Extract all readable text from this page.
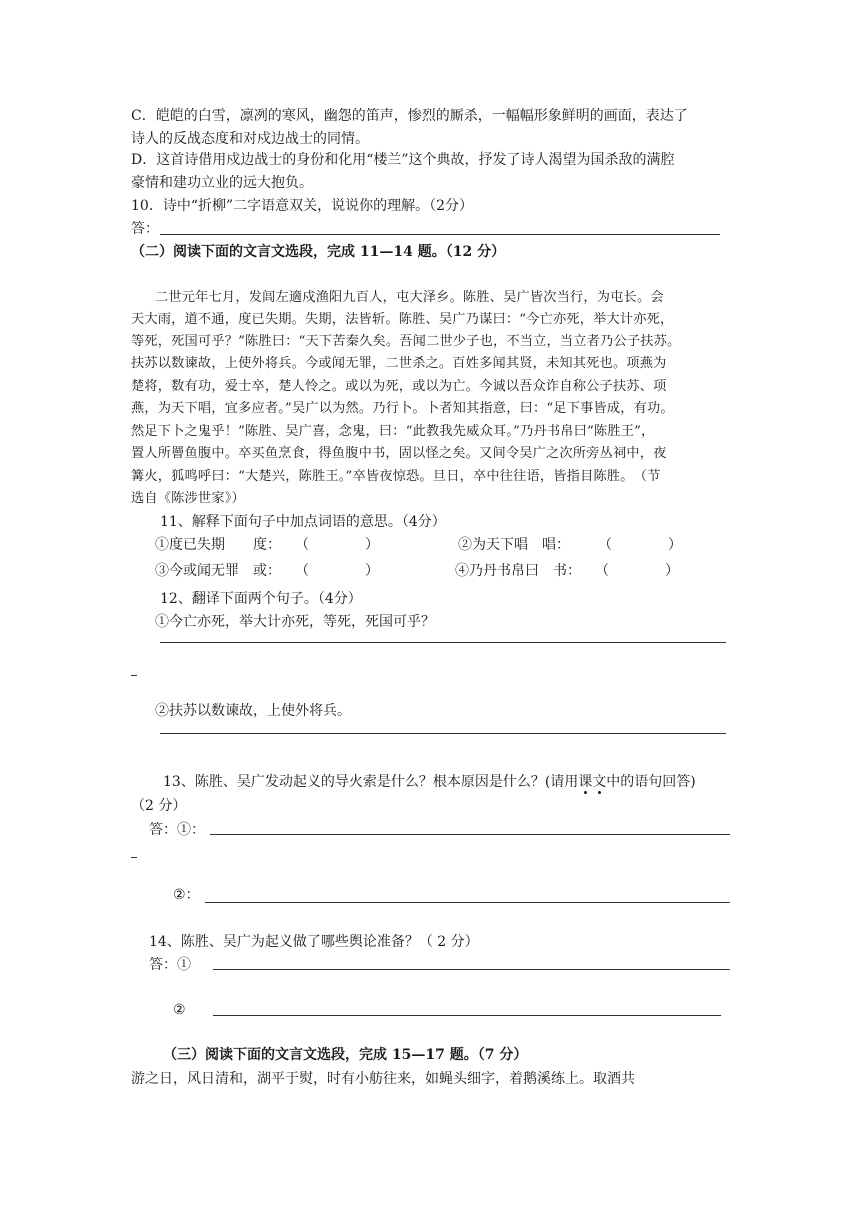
C．皑皑的白雪，凛冽的寒风，幽怨的笛声，惨烈的厮杀，一幅幅形象鲜明的画面，表达了
诗人的反战态度和对戍边战士的同情。
D．这首诗借用戍边战士的身份和化用“楼兰”这个典故，抒发了诗人渴望为国杀敌的满腔
豪情和建功立业的远大抱负。
10．诗中“折柳”二字语意双关，说说你的理解。（2分）
答：
（二）阅读下面的文言文选段，完成 11—14 题。（12 分）
二世元年七月，发闾左適戍渔阳九百人，屯大泽乡。陈胜、吴广皆次当行，为屯长。会
天大雨，道不通，度已失期。失期，法皆斩。陈胜、吴广乃谋曰：“今亡亦死，举大计亦死，
等死，死国可乎？”陈胜曰：“天下苦秦久矣。吾闻二世少子也，不当立，当立者乃公子扶苏。
扶苏以数谏故，上使外将兵。今或闻无罪，二世杀之。百姓多闻其贤，未知其死也。项燕为
楚将，数有功，爱士卒，楚人怜之。或以为死，或以为亡。今诚以吾众诈自称公子扶苏、项
燕，为天下唱，宜多应者。”吴广以为然。乃行卜。卜者知其指意，曰：“足下事皆成，有功。
然足下卜之鬼乎！”陈胜、吴广喜，念鬼，曰：“此教我先威众耳。”乃丹书帛曰“陈胜王”，
置人所罾鱼腹中。卒买鱼烹食，得鱼腹中书，固以怪之矣。又间令吴广之次所旁丛祠中，夜
篝火，狐鸣呼曰：“大楚兴，陈胜王。”卒皆夜惊恐。旦日，卒中往往语，皆指目陈胜。　（节
选自《陈涉世家》）
11、解释下面句子中加点词语的意思。（4分）
①度已失期 度： （　　　　）	②为天下唱 唱： （　　　　）
③今或闻无罪 或： （　　　　）	④乃丹书帛曰 书： （　　　　）
12、翻译下面两个句子。（4分）
①今亡亦死，举大计亦死，等死，死国可乎？
②扶苏以数谏故，上使外将兵。
13、陈胜、吴广发动起义的导火索是什么？根本原因是什么？(请用课文中的语句回答)
（2 分）
答：①：
②：
14、陈胜、吴广为起义做了哪些舆论准备？（ 2 分）
答：①
②
（三）阅读下面的文言文选段，完成 15—17 题。（7 分）
游之日，风日清和，湖平于熨，时有小舫往来，如蝇头细字，着鹅溪练上。取酒共
